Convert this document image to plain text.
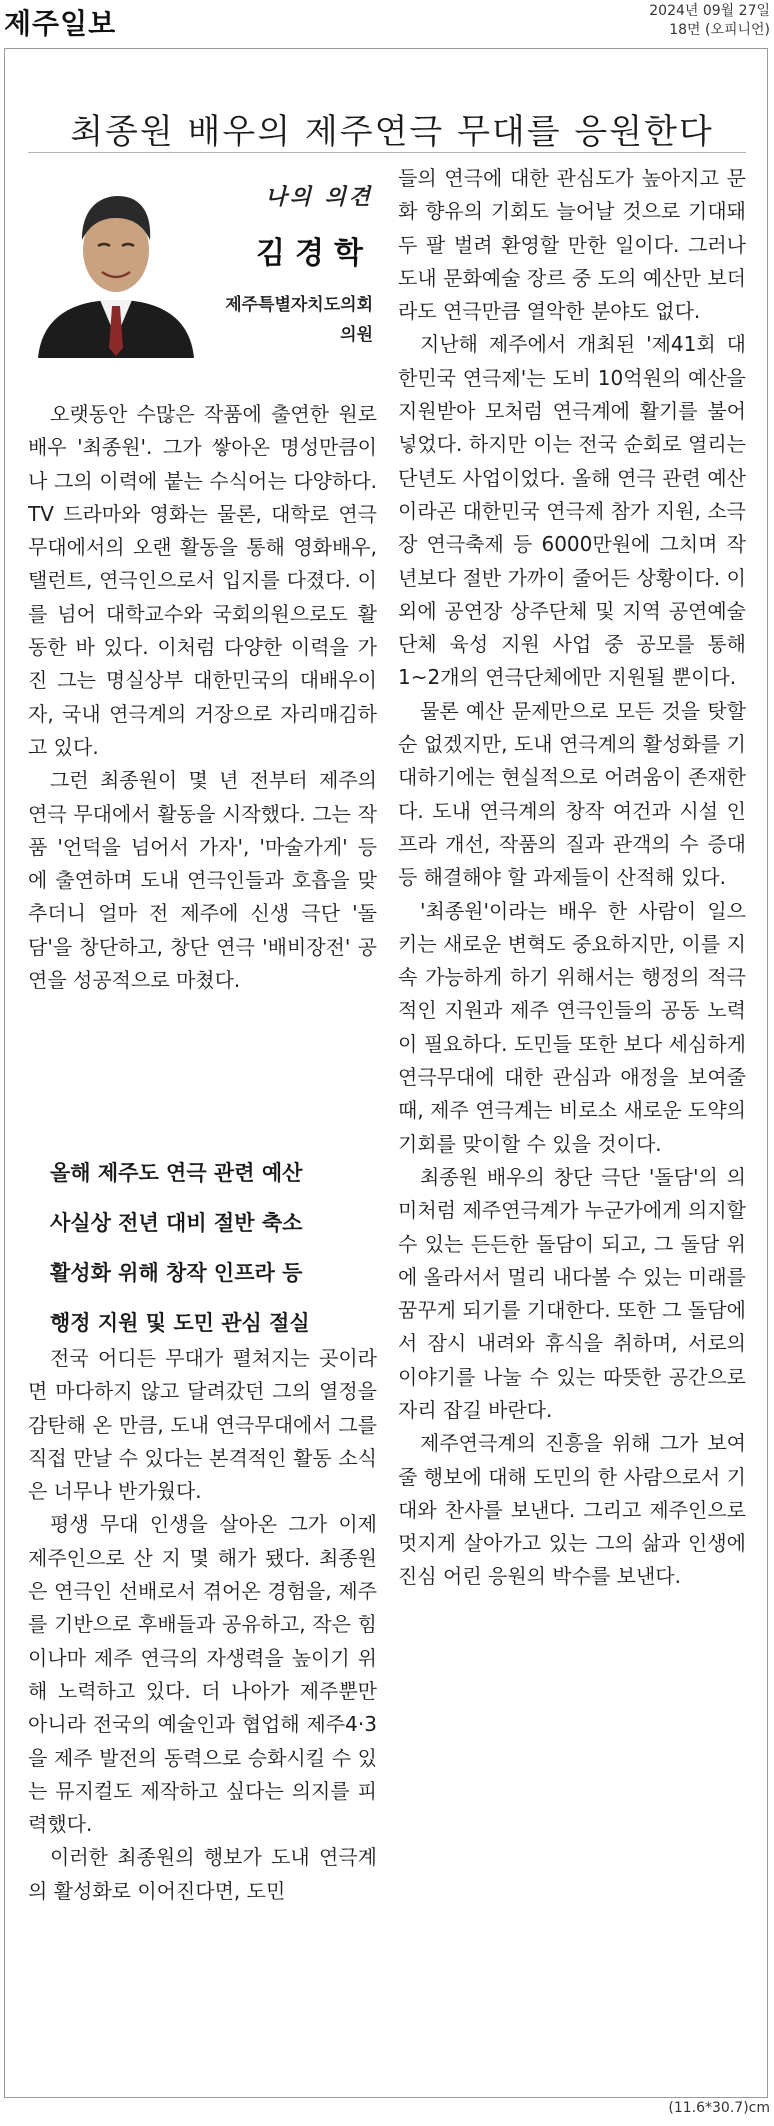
제주일보	2024년 09월 27일
18면 (오피니언)
최종원 배우의 제주연극 무대를 응원한다
나의 의견
김경학
제주특별자치도의회
의원

오랫동안 수많은 작품에 출연한 원로배우 '최종원'. 그가 쌓아온 명성만큼이나 그의 이력에 붙는 수식어는 다양하다. TV 드라마와 영화는 물론, 대학로 연극무대에서의 오랜 활동을 통해 영화배우, 탤런트, 연극인으로서 입지를 다졌다. 이를 넘어 대학교수와 국회의원으로도 활동한 바 있다. 이처럼 다양한 이력을 가진 그는 명실상부 대한민국의 대배우이자, 국내 연극계의 거장으로 자리매김하고 있다.

그런 최종원이 몇 년 전부터 제주의 연극 무대에서 활동을 시작했다. 그는 작품 '언덕을 넘어서 가자', '마술가게' 등에 출연하며 도내 연극인들과 호흡을 맞추더니 얼마 전 제주에 신생 극단 '돌담'을 창단하고, 창단 연극 '배비장전' 공연을 성공적으로 마쳤다.

올해 제주도 연극 관련 예산
사실상 전년 대비 절반 축소
활성화 위해 창작 인프라 등
행정 지원 및 도민 관심 절실

전국 어디든 무대가 펼쳐지는 곳이라면 마다하지 않고 달려갔던 그의 열정을 감탄해 온 만큼, 도내 연극무대에서 그를 직접 만날 수 있다는 본격적인 활동 소식은 너무나 반가웠다.

평생 무대 인생을 살아온 그가 이제 제주인으로 산 지 몇 해가 됐다. 최종원은 연극인 선배로서 겪어온 경험을, 제주를 기반으로 후배들과 공유하고, 작은 힘이나마 제주 연극의 자생력을 높이기 위해 노력하고 있다. 더 나아가 제주뿐만 아니라 전국의 예술인과 협업해 제주4·3을 제주 발전의 동력으로 승화시킬 수 있는 뮤지컬도 제작하고 싶다는 의지를 피력했다.

이러한 최종원의 행보가 도내 연극계의 활성화로 이어진다면, 도민

들의 연극에 대한 관심도가 높아지고 문화 향유의 기회도 늘어날 것으로 기대돼 두 팔 벌려 환영할 만한 일이다. 그러나 도내 문화예술 장르 중 도의 예산만 보더라도 연극만큼 열악한 분야도 없다.

지난해 제주에서 개최된 '제41회 대한민국 연극제'는 도비 10억원의 예산을 지원받아 모처럼 연극계에 활기를 불어넣었다. 하지만 이는 전국 순회로 열리는 단년도 사업이었다. 올해 연극 관련 예산이라곤 대한민국 연극제 참가 지원, 소극장 연극축제 등 6000만원에 그치며 작년보다 절반 가까이 줄어든 상황이다. 이 외에 공연장 상주단체 및 지역 공연예술단체 육성 지원 사업 중 공모를 통해 1~2개의 연극단체에만 지원될 뿐이다.

물론 예산 문제만으로 모든 것을 탓할 순 없겠지만, 도내 연극계의 활성화를 기대하기에는 현실적으로 어려움이 존재한다. 도내 연극계의 창작 여건과 시설 인프라 개선, 작품의 질과 관객의 수 증대 등 해결해야 할 과제들이 산적해 있다.

'최종원'이라는 배우 한 사람이 일으키는 새로운 변혁도 중요하지만, 이를 지속 가능하게 하기 위해서는 행정의 적극적인 지원과 제주 연극인들의 공동 노력이 필요하다. 도민들 또한 보다 세심하게 연극무대에 대한 관심과 애정을 보여줄 때, 제주 연극계는 비로소 새로운 도약의 기회를 맞이할 수 있을 것이다.

최종원 배우의 창단 극단 '돌담'의 의미처럼 제주연극계가 누군가에게 의지할 수 있는 든든한 돌담이 되고, 그 돌담 위에 올라서서 멀리 내다볼 수 있는 미래를 꿈꾸게 되기를 기대한다. 또한 그 돌담에서 잠시 내려와 휴식을 취하며, 서로의 이야기를 나눌 수 있는 따뜻한 공간으로 자리 잡길 바란다.

제주연극계의 진흥을 위해 그가 보여줄 행보에 대해 도민의 한 사람으로서 기대와 찬사를 보낸다. 그리고 제주인으로 멋지게 살아가고 있는 그의 삶과 인생에 진심 어린 응원의 박수를 보낸다.

(11.6*30.7)cm
